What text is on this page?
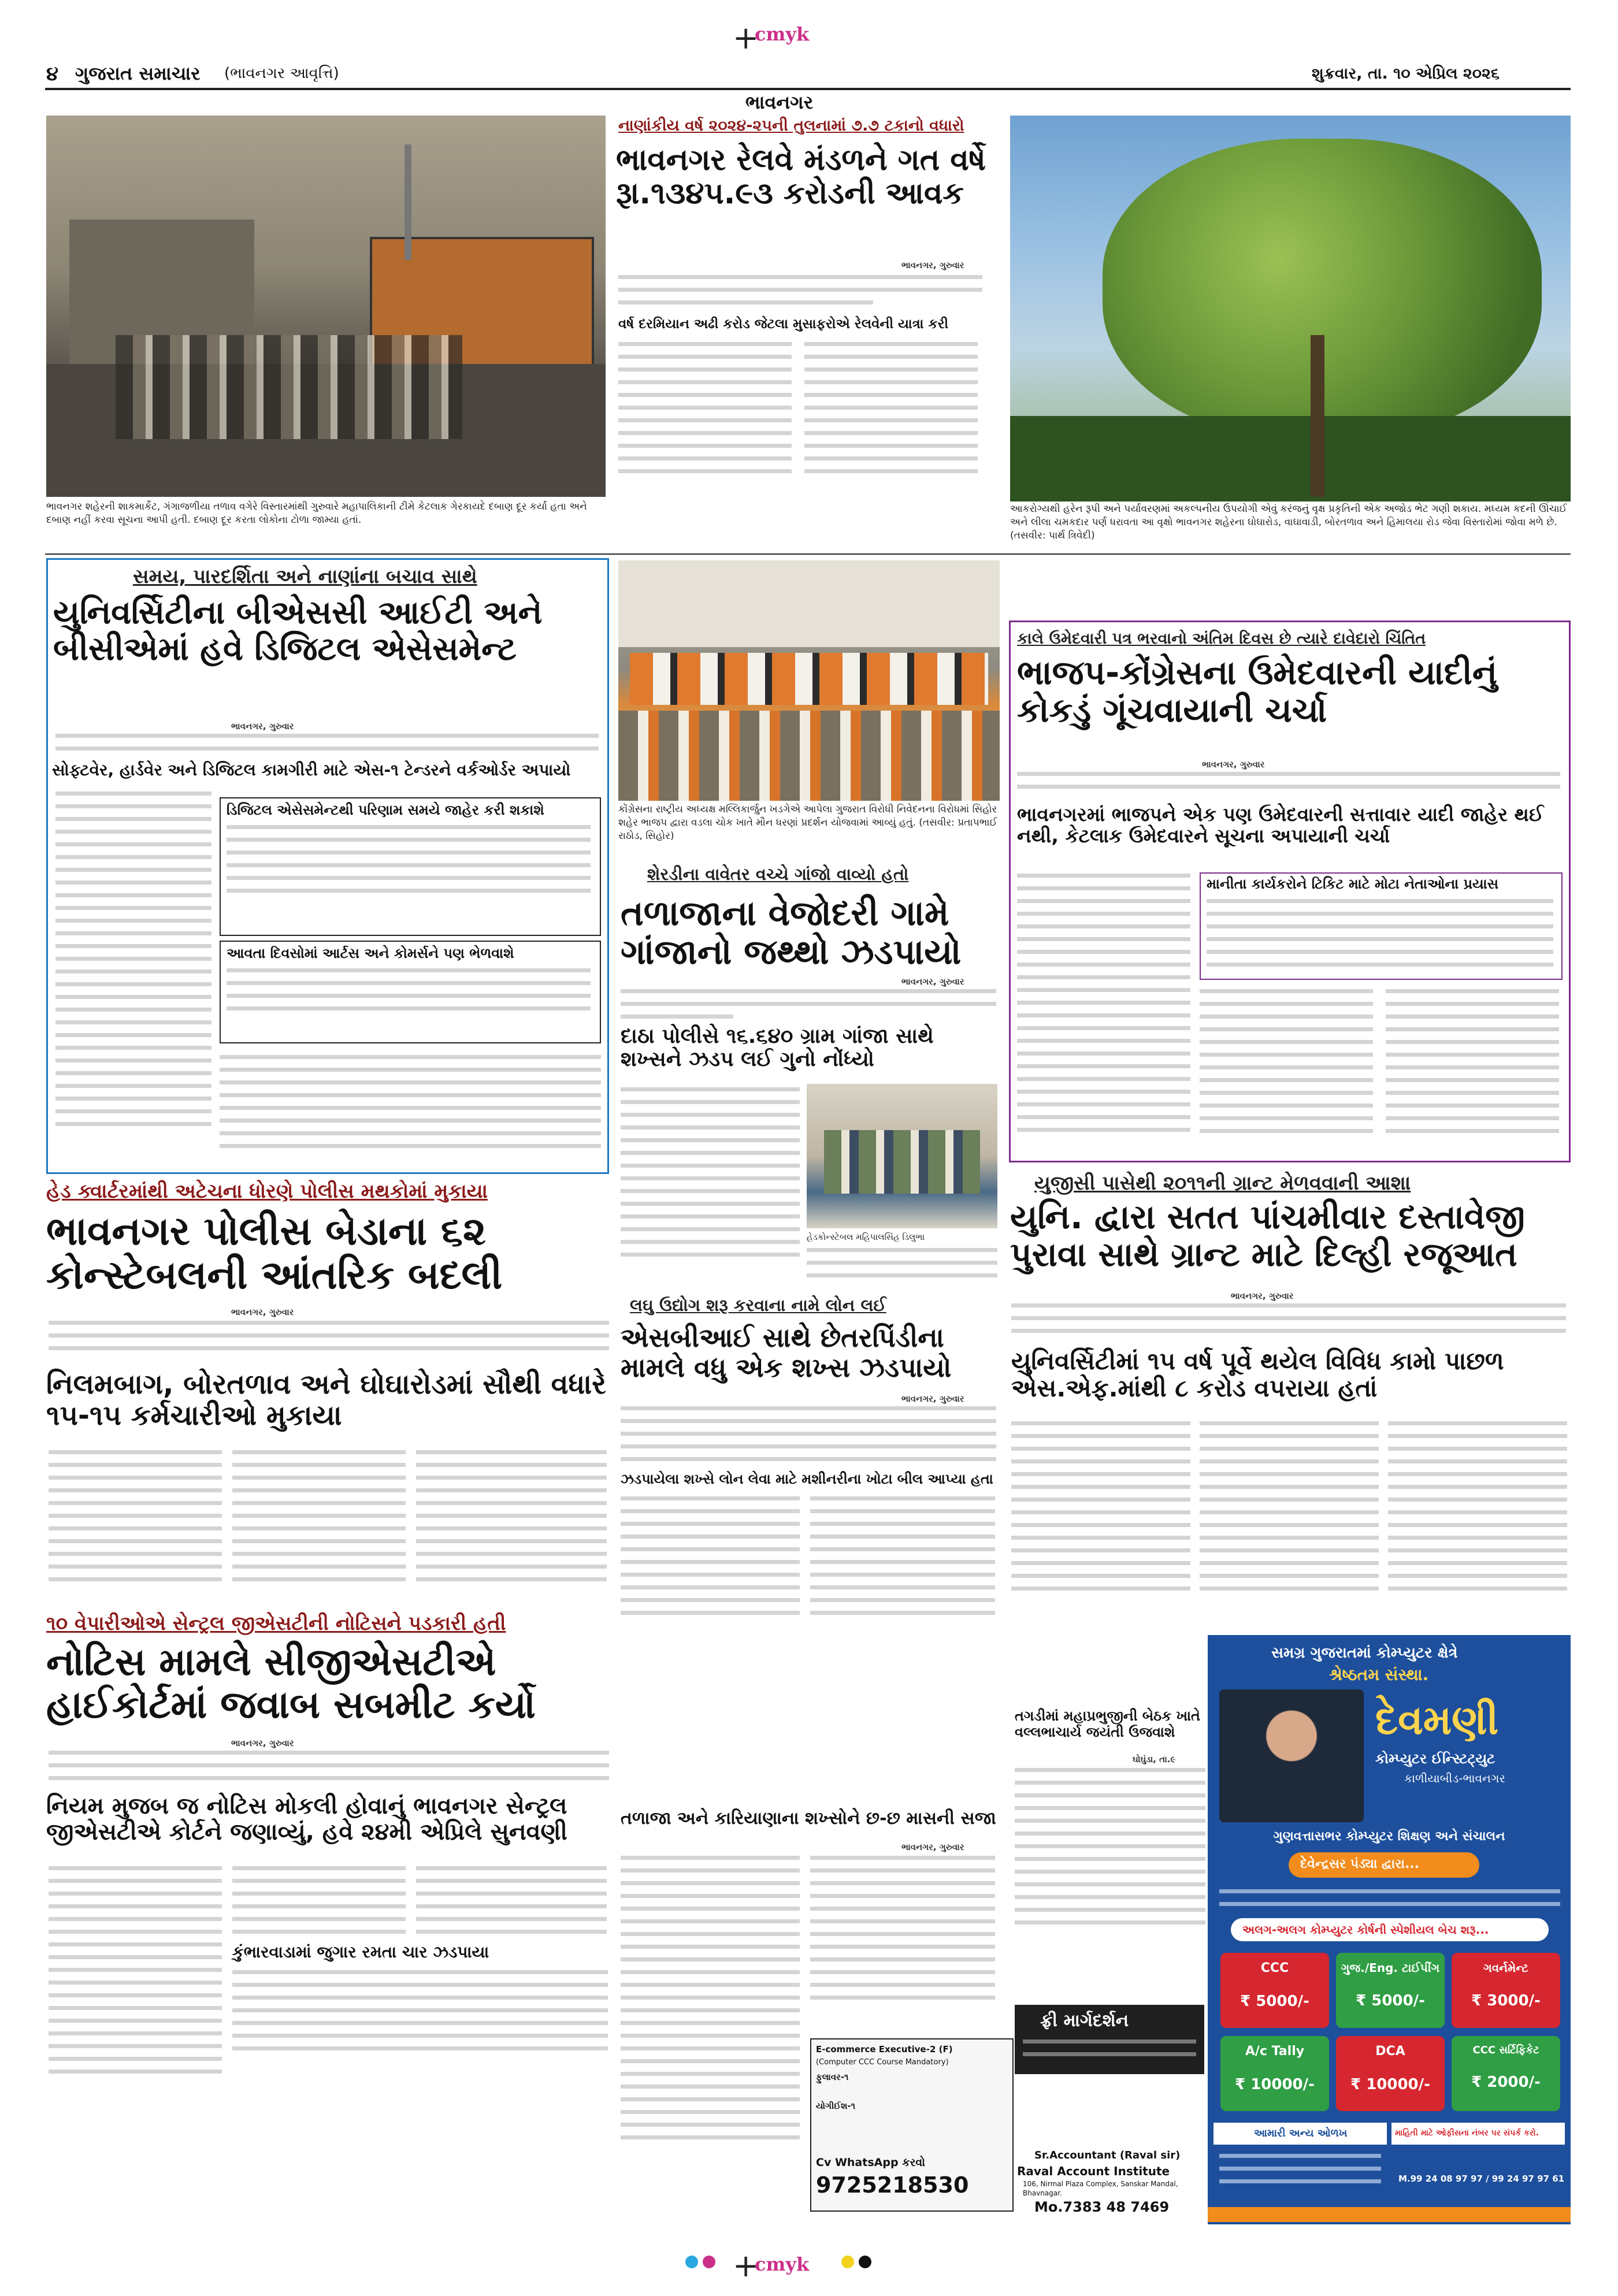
+
cmyk
+
cmyk
૪ ગુજરાત સમાચાર (ભાવનગર આવૃત્તિ)	શુક્રવાર, તા. ૧૦ એપ્રિલ ૨૦૨૬
ભાવનગર
ભાવનગર શહેરની શાકમાર્કેટ, ગંગાજળીયા તળાવ વગેરે વિસ્તારમાંથી ગુરુવારે મહાપાલિકાની ટીમે કેટલાક ગેરકાયદે દબાણ દૂર કર્યા હતા અને દબાણ નહીં કરવા સૂચના આપી હતી. દબાણ દૂર કરતા લોકોના ટોળા જામ્યા હતાં.
નાણાંકીય વર્ષ ૨૦૨૪-૨૫ની તુલનામાં ૭.૭ ટકાનો વધારો
ભાવનગર રેલવે મંડળને ગત વર્ષે રૂા.૧૩૪૫.૯૩ કરોડની આવક
ભાવનગર, ગુરુવાર
વર્ષ દરમિયાન અઢી કરોડ જેટલા મુસાફરોએ રેલવેની યાત્રા કરી
આકરોગ્યથી હરેન રૂપી અને પર્યાવરણમાં અકલ્પનીય ઉપયોગી એવું કરંજનું વૃક્ષ પ્રકૃતિની એક અજોડ ભેટ ગણી શકાય. મધ્યમ કદની ઊંચાઈ અને લીલા ચમકદાર પર્ણ ધરાવતા આ વૃક્ષો ભાવનગર શહેરના ઘોઘારોડ, વાઘાવાડી, બોરતળાવ અને હિમાલયા રોડ જેવા વિસ્તારોમાં જોવા મળે છે. (તસવીર: પાર્થ ત્રિવેદી)
સમય, પારદર્શિતા અને નાણાંના બચાવ સાથે
યુનિવર્સિટીના બીએસસી આઈટી અને બીસીએમાં હવે ડિજિટલ એસેસમેન્ટ
ભાવનગર, ગુરુવાર
સોફ્ટવેર, હાર્ડવેર અને ડિજિટલ કામગીરી માટે એસ-૧ ટેન્ડરને વર્કઓર્ડર અપાયો
ડિજિટલ એસેસમેન્ટથી પરિણામ સમયે જાહેર કરી શકાશે
આવતા દિવસોમાં આર્ટસ અને કોમર્સને પણ ભેળવાશે
કોંગ્રેસના રાષ્ટ્રીય અધ્યક્ષ મલ્લિકાર્જુન ખડગેએ આપેલા ગુજરાત વિરોધી નિવેદનના વિરોધમાં સિહોર શહેર ભાજપ દ્વારા વડલા ચોક ખાતે મૌન ધરણાં પ્રદર્શન યોજવામાં આવ્યું હતું. (તસવીર: પ્રતાપભાઈ રાઠોડ, સિહોર)
શેરડીના વાવેતર વચ્ચે ગાંજો વાવ્યો હતો
તળાજાના વેજોદરી ગામે ગાંજાનો જથ્થો ઝડપાયો
ભાવનગર, ગુરુવાર
દાઠા પોલીસે ૧૬.૬૪૦ ગ્રામ ગાંજા સાથે શખ્સને ઝડપ લઈ ગુનો નોંધ્યો
હેડકોન્સ્ટેબલ મહિપાલસિંહ ડિલુભા
કાલે ઉમેદવારી પત્ર ભરવાનો અંતિમ દિવસ છે ત્યારે દાવેદારો ચિંતિત
ભાજપ-કોંગ્રેસના ઉમેદવારની યાદીનું કોકડું ગૂંચવાયાની ચર્ચા
ભાવનગર, ગુરુવાર
ભાવનગરમાં ભાજપને એક પણ ઉમેદવારની સત્તાવાર યાદી જાહેર થઈ નથી, કેટલાક ઉમેદવારને સૂચના અપાયાની ચર્ચા
માનીતા કાર્યકરોને ટિકિટ માટે મોટા નેતાઓના પ્રયાસ
યુજીસી પાસેથી ૨૦૧૧ની ગ્રાન્ટ મેળવવાની આશા
યુનિ. દ્વારા સતત પાંચમીવાર દસ્તાવેજી પુરાવા સાથે ગ્રાન્ટ માટે દિલ્હી રજૂઆત
ભાવનગર, ગુરુવાર
યુનિવર્સિટીમાં ૧૫ વર્ષ પૂર્વે થયેલ વિવિધ કામો પાછળ એસ.એફ.માંથી ૮ કરોડ વપરાયા હતાં
હેડ ક્વાર્ટરમાંથી અટેચના ધોરણે પોલીસ મથકોમાં મુકાયા
ભાવનગર પોલીસ બેડાના ૬૨ કોન્સ્ટેબલની આંતરિક બદલી
ભાવનગર, ગુરુવાર
નિલમબાગ, બોરતળાવ અને ઘોઘારોડમાં સૌથી વધારે ૧૫-૧૫ કર્મચારીઓ મુકાયા
લઘુ ઉદ્યોગ શરૂ કરવાના નામે લોન લઈ
એસબીઆઈ સાથે છેતરપિંડીના મામલે વધુ એક શખ્સ ઝડપાયો
ભાવનગર, ગુરુવાર
ઝડપાયેલા શખ્સે લોન લેવા માટે મશીનરીના ખોટા બીલ આપ્યા હતા
૧૦ વેપારીઓએ સેન્ટ્રલ જીએસટીની નોટિસને પડકારી હતી
નોટિસ મામલે સીજીએસટીએ હાઈકોર્ટમાં જવાબ સબમીટ કર્યો
ભાવનગર, ગુરુવાર
નિયમ મુજબ જ નોટિસ મોકલી હોવાનું ભાવનગર સેન્ટ્રલ જીએસટીએ કોર્ટને જણાવ્યું, હવે ૨૪મી એપ્રિલે સુનવણી
કુંભારવાડામાં જુગાર રમતા ચાર ઝડપાયા
તળાજા અને કારિયાણાના શખ્સોને છ-છ માસની સજા
ભાવનગર, ગુરુવાર
E-commerce Executive-2 (F)
(Computer CCC Course Mandatory)
ફુલાવર-૧
યોગીઈશ-૧
Cv WhatsApp કરવો
9725218530
ફ્રી માર્ગદર્શન
Sr.Accountant (Raval sir)
Raval Account Institute
106, Nirmal Plaza Complex, Sanskar Mandal, Bhavnagar.
Mo.7383 48 7469
તગડીમાં મહાપ્રભુજીની બેઠક ખાતે વલ્લભાચાર્ય જયંતી ઉજવાશે
ઘોઘુંડા, તા.૯
સમગ્ર ગુજરાતમાં કોમ્પ્યુટર ક્ષેત્રે
શ્રેષ્ઠતમ સંસ્થા.
દેવમણી
કોમ્પ્યુટર ઈન્સ્ટિટ્યુટ
કાળીયાબીડ-ભાવનગર
ગુણવત્તાસભર કોમ્પ્યુટર શિક્ષણ અને સંચાલન
દેવેન્દ્રસર પંડ્યા દ્વારા...
અલગ-અલગ કોમ્પ્યુટર કોર્ષની સ્પેશીયલ બેચ શરૂ...
CCC
₹ 5000/-
ગુજ./Eng. ટાઈપીંગ
₹ 5000/-
ગવર્નમેન્ટ
₹ 3000/-
A/c Tally
₹ 10000/-
DCA
₹ 10000/-
CCC સર્ટિફિકેટ
₹ 2000/-
આમારી અન્ય ઓળખ	માહિતી માટે ઓફીસના નંબર પર સંપર્ક કરો.
M.99 24 08 97 97 / 99 24 97 97 61
